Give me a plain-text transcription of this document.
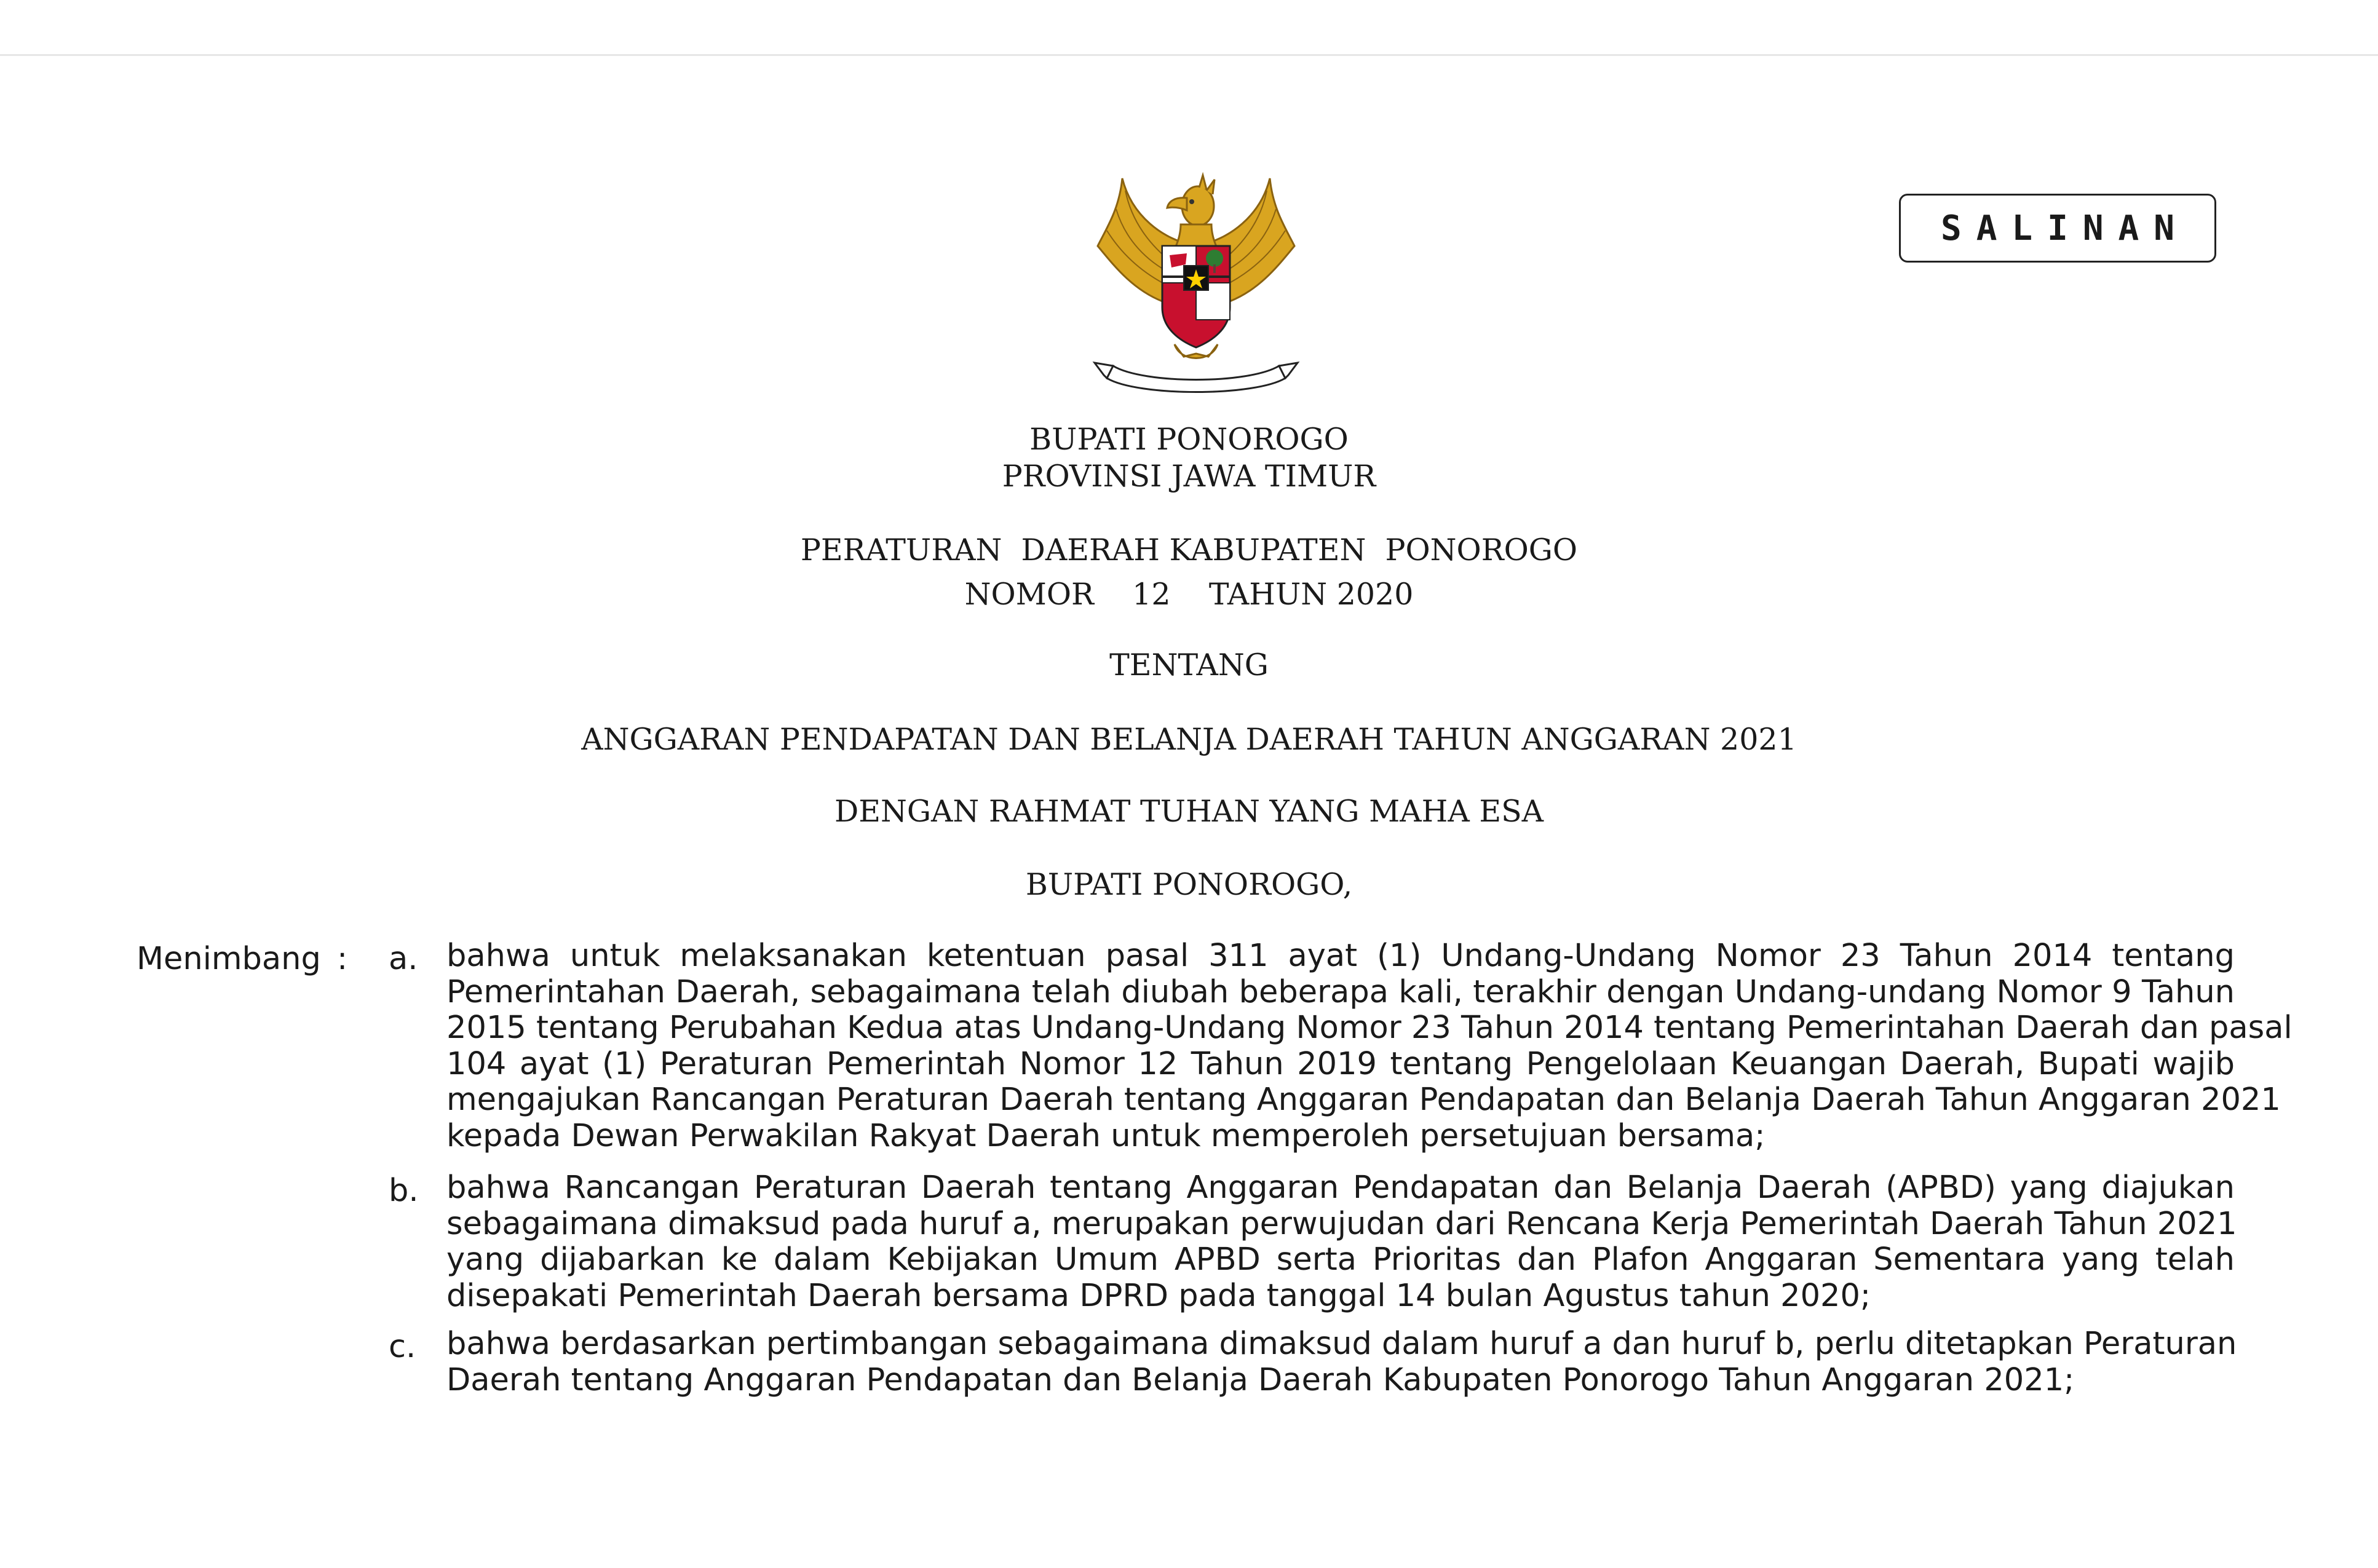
SALINAN
BUPATI PONOROGO
PROVINSI JAWA TIMUR
PERATURAN  DAERAH KABUPATEN  PONOROGO
NOMOR    12    TAHUN 2020
TENTANG
ANGGARAN PENDAPATAN DAN BELANJA DAERAH TAHUN ANGGARAN 2021
DENGAN RAHMAT TUHAN YANG MAHA ESA
BUPATI PONOROGO,
Menimbang : a. bahwa untuk melaksanakan ketentuan pasal 311 ayat (1) Undang-Undang Nomor 23 Tahun 2014 tentang
Pemerintahan Daerah, sebagaimana telah diubah beberapa kali, terakhir dengan Undang-undang Nomor 9 Tahun
2015 tentang Perubahan Kedua atas Undang-Undang Nomor 23 Tahun 2014 tentang Pemerintahan Daerah dan pasal
104 ayat (1) Peraturan Pemerintah Nomor 12 Tahun 2019 tentang Pengelolaan Keuangan Daerah, Bupati wajib
mengajukan Rancangan Peraturan Daerah tentang Anggaran Pendapatan dan Belanja Daerah Tahun Anggaran 2021
kepada Dewan Perwakilan Rakyat Daerah untuk memperoleh persetujuan bersama;
b. bahwa Rancangan Peraturan Daerah tentang Anggaran Pendapatan dan Belanja Daerah (APBD) yang diajukan
sebagaimana dimaksud pada huruf a, merupakan perwujudan dari Rencana Kerja Pemerintah Daerah Tahun 2021
yang dijabarkan ke dalam Kebijakan Umum APBD serta Prioritas dan Plafon Anggaran Sementara yang telah
disepakati Pemerintah Daerah bersama DPRD pada tanggal 14 bulan Agustus tahun 2020;
c. bahwa berdasarkan pertimbangan sebagaimana dimaksud dalam huruf a dan huruf b, perlu ditetapkan Peraturan
Daerah tentang Anggaran Pendapatan dan Belanja Daerah Kabupaten Ponorogo Tahun Anggaran 2021;
